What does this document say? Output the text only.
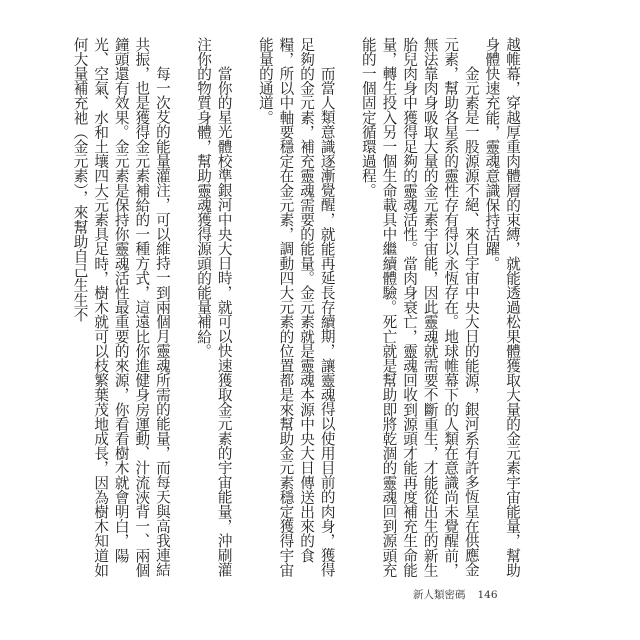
越帷幕，穿越厚重肉體層的束縛，就能透過松果體獲取大量的金元素宇宙能量，幫助身體快速充能，靈魂意識保持活躍。

金元素是一股源源不絕、來自宇宙中央大日的能源，銀河系有許多恆星在供應金元素，幫助各星系的靈性存有得以永恆存在。地球帷幕下的人類在意識尚未覺醒前，無法靠肉身吸取大量的金元素宇宙能，因此靈魂就需要不斷重生，才能從出生的新生胎兒肉身中獲得足夠的靈魂活性。當肉身衰亡，靈魂回收到源頭才能再度補充生命能量，轉生投入另一個生命載具中繼續體驗。死亡就是幫助即將乾涸的靈魂回到源頭充能的一個固定循環過程。

而當人類意識逐漸覺醒，就能再延長存續期，讓靈魂得以使用目前的肉身，獲得足夠的金元素，補充靈魂需要的能量。金元素就是靈魂本源中央大日傳送出來的食糧，所以中軸要穩定在金元素，調動四大元素的位置都是來幫助金元素穩定獲得宇宙能量的通道。

當你的星光體校準銀河中央大日時，就可以快速獲取金元素的宇宙能量，沖刷灌注你的物質身體，幫助靈魂獲得源頭的能量補給。

每一次䒘的能量灌注，可以維持一到兩個月靈魂所需的能量，而每天與高我連結共振，也是獲得金元素補給的一種方式，這遠比你進健身房運動、汁流浹背一、兩個鐘頭還有效果。金元素是保持你靈魂活性最重要的來源，你看看樹木就會明白，陽光、空氣、水和土壤四大元素具足時，樹木就可以枝繁葉茂地成長，因為樹木知道如何大量補充祂（金元素），來幫助自己生生不

新人類密碼 146
